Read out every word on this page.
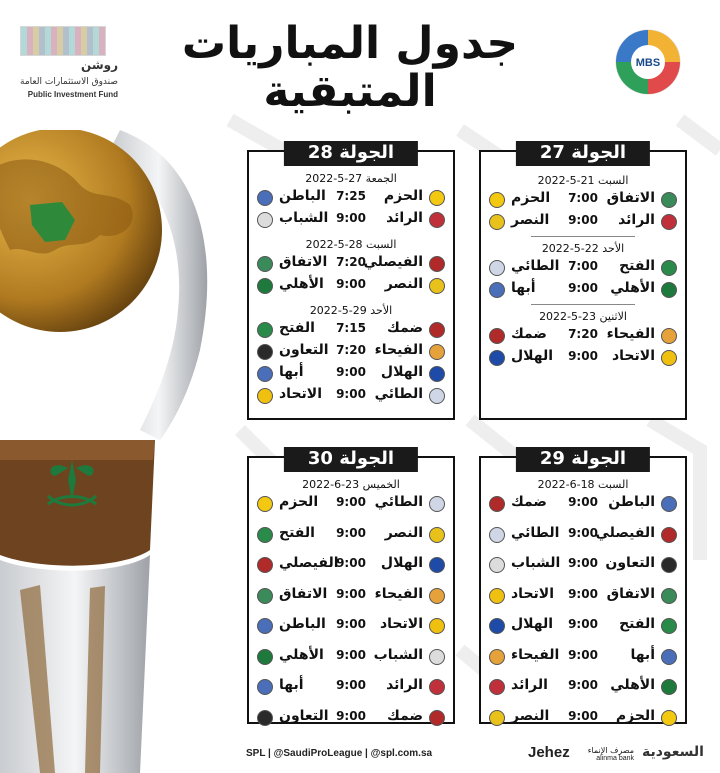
روشن
صندوق الاستثمارات العامة
Public Investment Fund
جدول المباريات
المتبقية
MBS
الجولة 27
السبت 21-5-2022
الاتفاق
7:00
الحزم
الرائد
9:00
النصر
الأحد 22-5-2022
الفتح
7:00
الطائي
الأهلي
9:00
أبها
الاثنين 23-5-2022
الفيحاء
7:20
ضمك
الاتحاد
9:00
الهلال
الجولة 28
الجمعة 27-5-2022
الحزم
7:25
الباطن
الرائد
9:00
الشباب
السبت 28-5-2022
الفيصلي
7:20
الاتفاق
النصر
9:00
الأهلي
الأحد 29-5-2022
ضمك
7:15
الفتح
الفيحاء
7:20
التعاون
الهلال
9:00
أبها
الطائي
9:00
الاتحاد
الجولة 29
السبت 18-6-2022
الباطن
9:00
ضمك
الفيصلي
9:00
الطائي
التعاون
9:00
الشباب
الاتفاق
9:00
الاتحاد
الفتح
9:00
الهلال
أبها
9:00
الفيحاء
الأهلي
9:00
الرائد
الحزم
9:00
النصر
الجولة 30
الخميس 23-6-2022
الطائي
9:00
الحزم
النصر
9:00
الفتح
الهلال
9:00
الفيصلي
الفيحاء
9:00
الاتفاق
الاتحاد
9:00
الباطن
الشباب
9:00
الأهلي
الرائد
9:00
أبها
ضمك
9:00
التعاون
SPL | @SaudiProLeague | @spl.com.sa	Jehez	مصرف الإنماء
alinma bank السعودية
